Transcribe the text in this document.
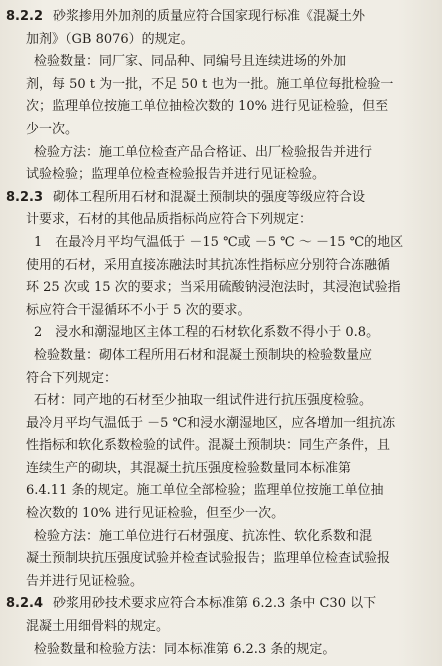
8.2.2 砂浆掺用外加剂的质量应符合国家现行标准《混凝土外
加剂》（GB 8076）的规定。
检验数量：同厂家、同品种、同编号且连续进场的外加
剂，每 50 t 为一批，不足 50 t 也为一批。施工单位每批检验一
次；监理单位按施工单位抽检次数的 10% 进行见证检验，但至
少一次。
检验方法：施工单位检查产品合格证、出厂检验报告并进行
试验检验；监理单位检查检验报告并进行见证检验。
8.2.3 砌体工程所用石材和混凝土预制块的强度等级应符合设
计要求，石材的其他品质指标尚应符合下列规定：
1　在最冷月平均气温低于 －15 ℃或 －5 ℃ ～ －15 ℃的地区
使用的石材，采用直接冻融法时其抗冻性指标应分别符合冻融循
环 25 次或 15 次的要求；当采用硫酸钠浸泡法时，其浸泡试验指
标应符合干湿循环不小于 5 次的要求。
2　浸水和潮湿地区主体工程的石材软化系数不得小于 0.8。
检验数量：砌体工程所用石材和混凝土预制块的检验数量应
符合下列规定：
石材：同产地的石材至少抽取一组试件进行抗压强度检验。
最冷月平均气温低于 －5 ℃和浸水潮湿地区，应各增加一组抗冻
性指标和软化系数检验的试件。混凝土预制块：同生产条件，且
连续生产的砌块，其混凝土抗压强度检验数量同本标准第
6.4.11 条的规定。施工单位全部检验；监理单位按施工单位抽
检次数的 10% 进行见证检验，但至少一次。
检验方法：施工单位进行石材强度、抗冻性、软化系数和混
凝土预制块抗压强度试验并检查试验报告；监理单位检查试验报
告并进行见证检验。
8.2.4 砂浆用砂技术要求应符合本标准第 6.2.3 条中 C30 以下
混凝土用细骨料的规定。
检验数量和检验方法：同本标准第 6.2.3 条的规定。
